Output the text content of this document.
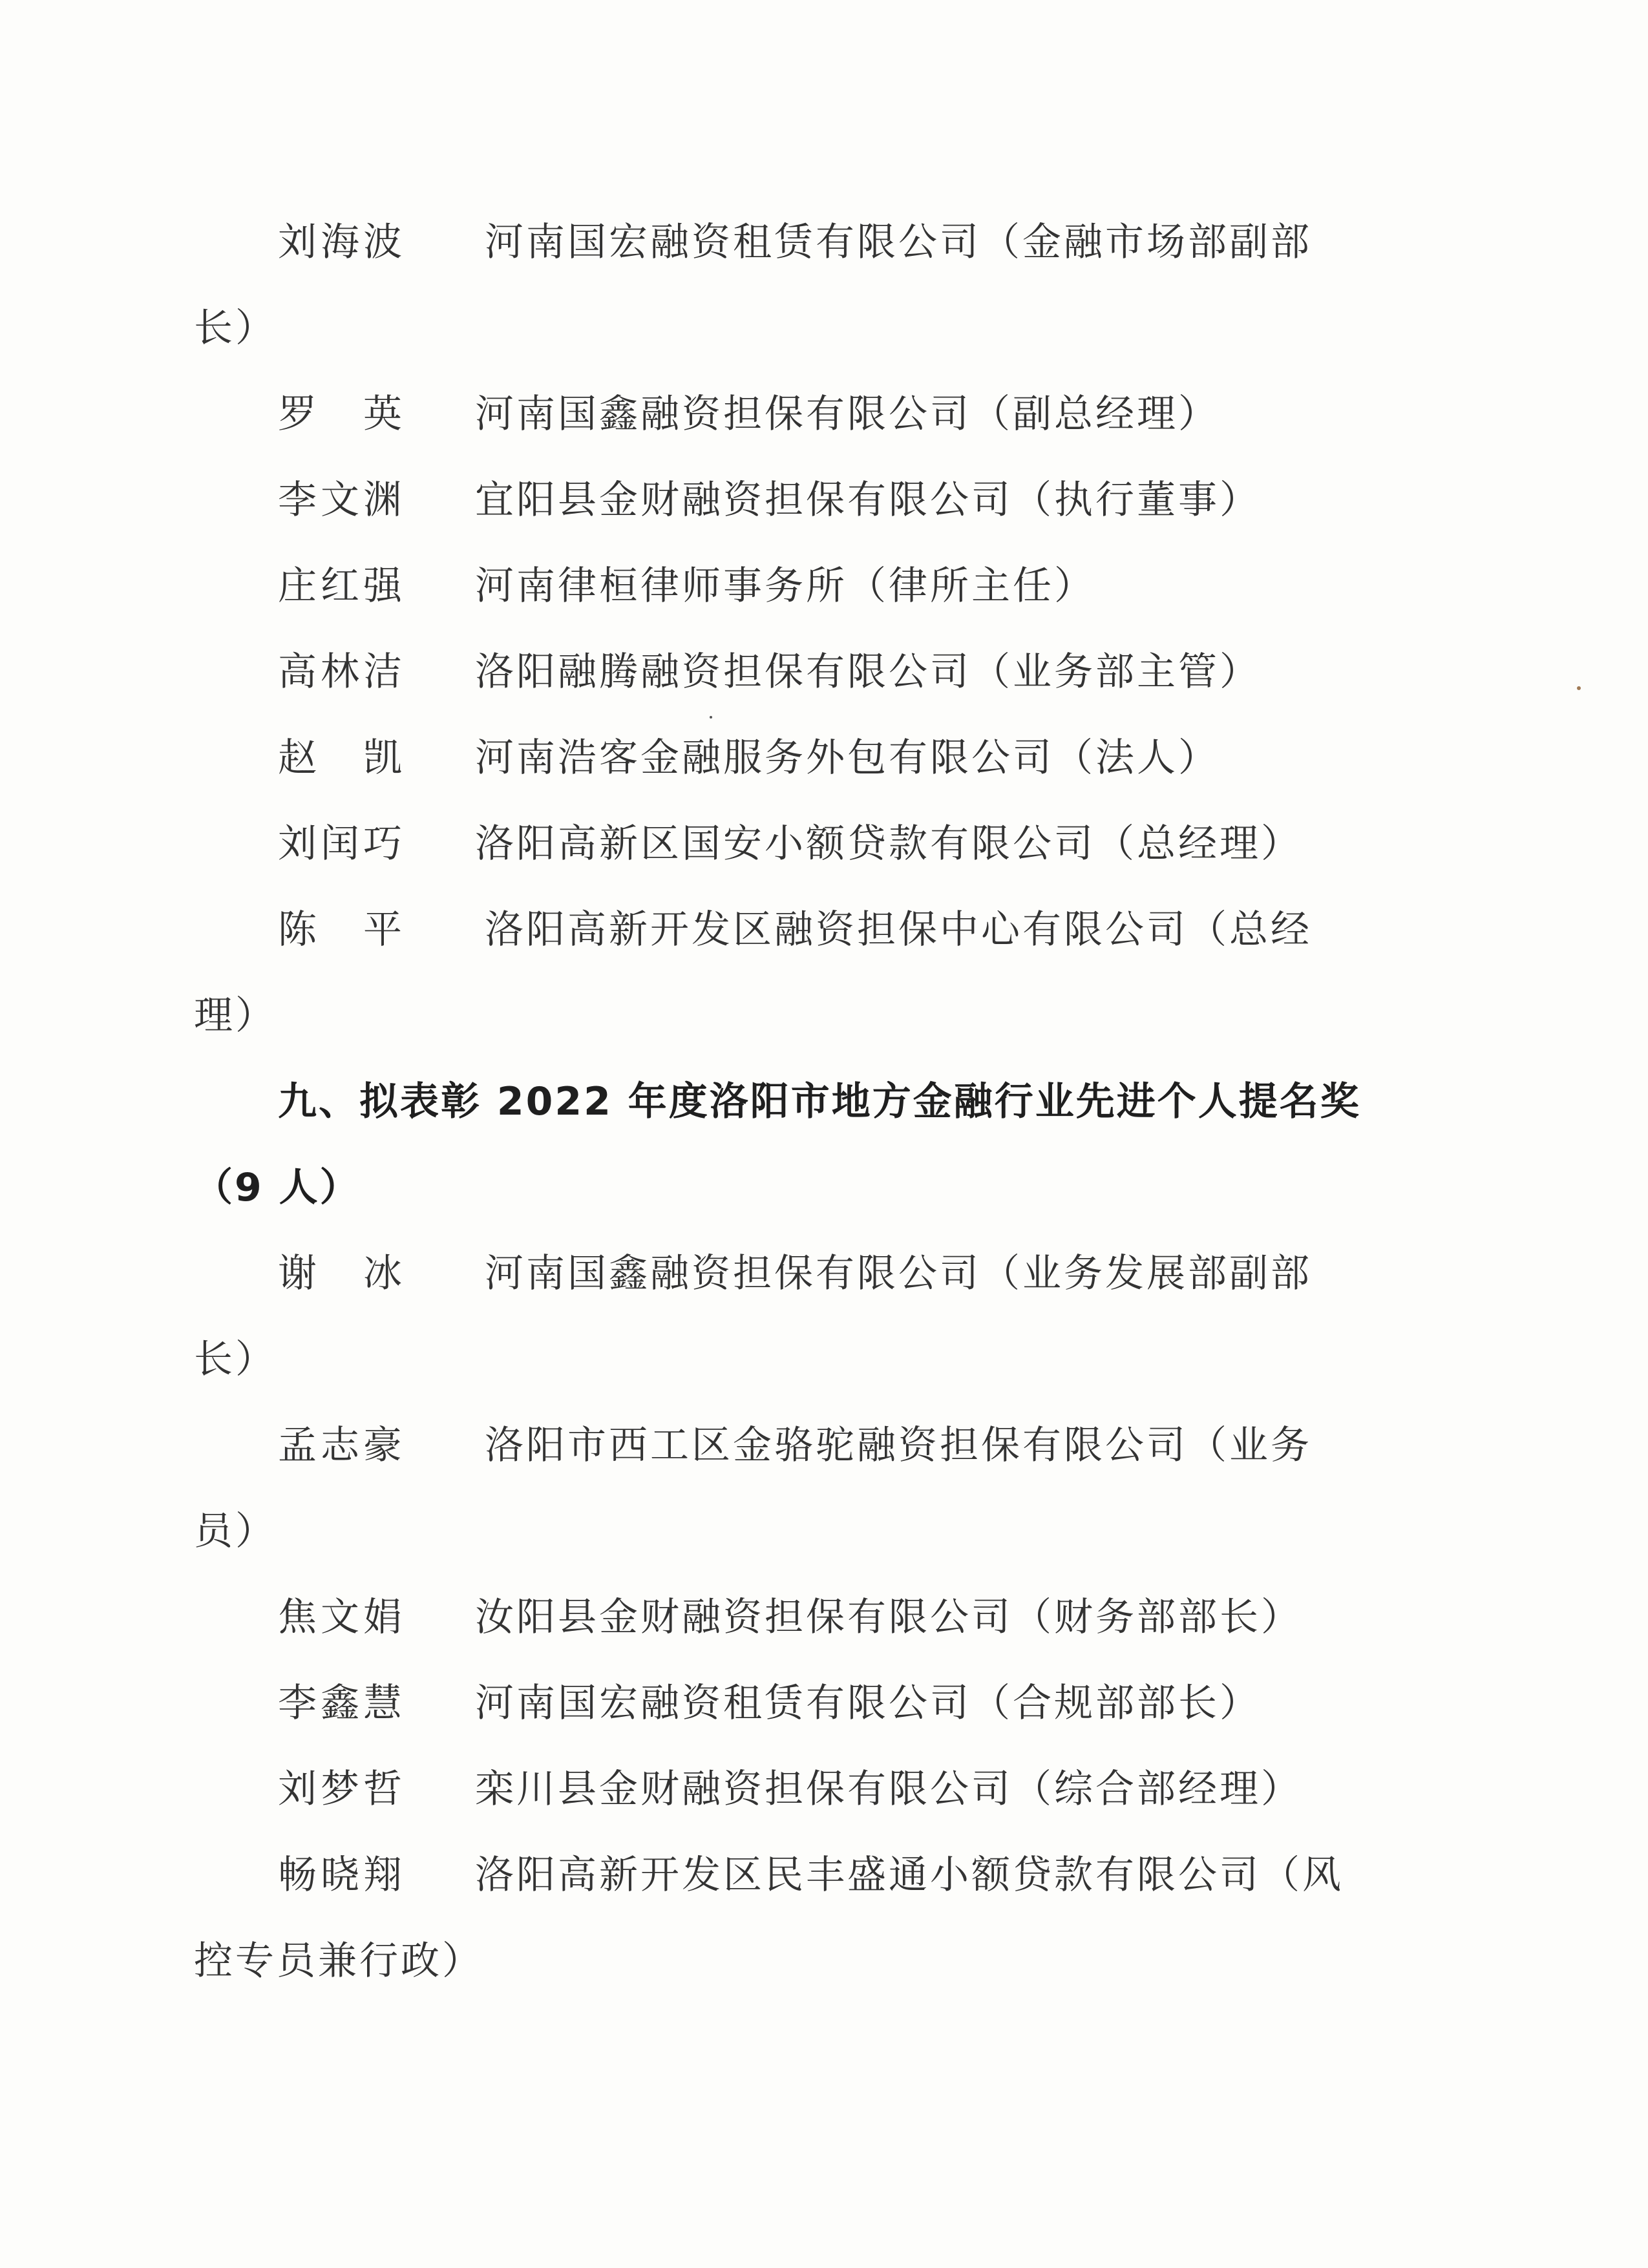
刘海波 河南国宏融资租赁有限公司（金融市场部副部
长）
罗　英 河南国鑫融资担保有限公司（副总经理）
李文渊 宜阳县金财融资担保有限公司（执行董事）
庄红强 河南律桓律师事务所（律所主任）
高林洁 洛阳融腾融资担保有限公司（业务部主管）
赵　凯 河南浩客金融服务外包有限公司（法人）
刘闰巧 洛阳高新区国安小额贷款有限公司（总经理）
陈　平 洛阳高新开发区融资担保中心有限公司（总经
理）
九、拟表彰 2022 年度洛阳市地方金融行业先进个人提名奖
（9 人）
谢　冰 河南国鑫融资担保有限公司（业务发展部副部
长）
孟志豪 洛阳市西工区金骆驼融资担保有限公司（业务
员）
焦文娟 汝阳县金财融资担保有限公司（财务部部长）
李鑫慧 河南国宏融资租赁有限公司（合规部部长）
刘梦哲 栾川县金财融资担保有限公司（综合部经理）
畅晓翔 洛阳高新开发区民丰盛通小额贷款有限公司（风
控专员兼行政）
